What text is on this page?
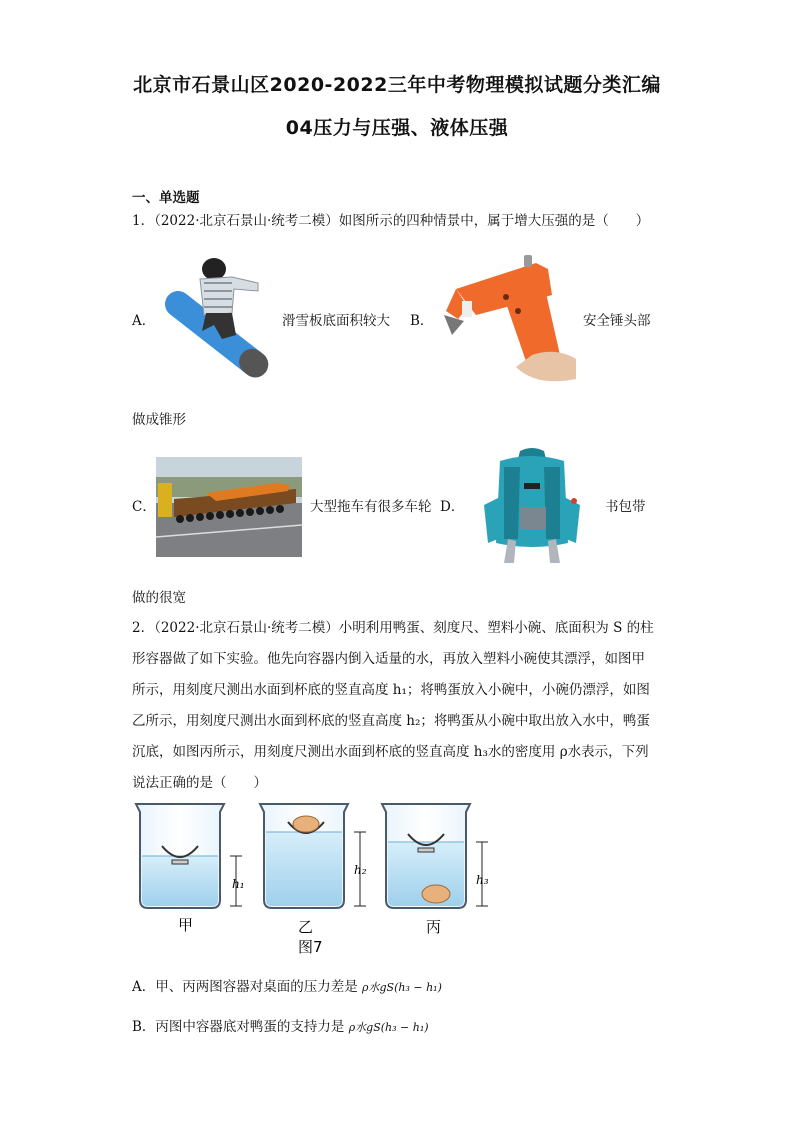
北京市石景山区2020-2022三年中考物理模拟试题分类汇编
04压力与压强、液体压强
一、单选题
1．（2022·北京石景山·统考二模）如图所示的四种情景中，属于增大压强的是（　　）
A．	滑雪板底面积较大 B．	安全锤头部
做成锥形
C．	大型拖车有很多车轮 D．	书包带
做的很宽
2．（2022·北京石景山·统考二模）小明利用鸭蛋、刻度尺、塑料小碗、底面积为 S 的柱
形容器做了如下实验。他先向容器内倒入适量的水，再放入塑料小碗使其漂浮，如图甲
所示，用刻度尺测出水面到杯底的竖直高度 h₁；将鸭蛋放入小碗中，小碗仍漂浮，如图
乙所示，用刻度尺测出水面到杯底的竖直高度 h₂；将鸭蛋从小碗中取出放入水中，鸭蛋
沉底，如图丙所示，用刻度尺测出水面到杯底的竖直高度 h₃水的密度用 ρ水表示，下列
说法正确的是（　　）
h₁
h₂
h₃
甲	乙	丙
图7
A．甲、丙两图容器对桌面的压力差是 ρ水gS(h₃ − h₁)
B．丙图中容器底对鸭蛋的支持力是 ρ水gS(h₃ − h₁)
